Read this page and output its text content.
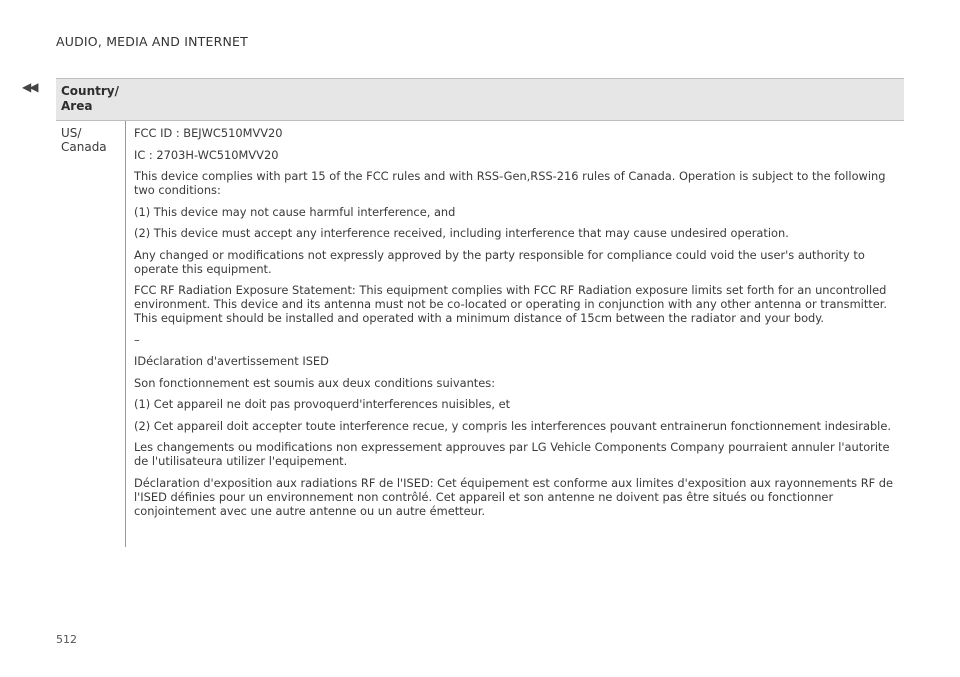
AUDIO, MEDIA AND INTERNET
◀◀ Country/ Area
US/ Canada

FCC ID : BEJWC510MVV20

IC : 2703H-WC510MVV20

This device complies with part 15 of the FCC rules and with RSS-Gen,RSS-216 rules of Canada. Operation is subject to the following two conditions:

(1) This device may not cause harmful interference, and

(2) This device must accept any interference received, including interference that may cause undesired operation.

Any changed or modifications not expressly approved by the party responsible for compliance could void the user's authority to operate this equipment.

FCC RF Radiation Exposure Statement: This equipment complies with FCC RF Radiation exposure limits set forth for an uncontrolled environment. This device and its antenna must not be co-located or operating in conjunction with any other antenna or transmitter. This equipment should be installed and operated with a minimum distance of 15cm between the radiator and your body.

–

IDéclaration d'avertissement ISED

Son fonctionnement est soumis aux deux conditions suivantes:

(1) Cet appareil ne doit pas provoquerd'interferences nuisibles, et

(2) Cet appareil doit accepter toute interference recue, y compris les interferences pouvant entrainerun fonctionnement indesirable.

Les changements ou modifications non expressement approuves par LG Vehicle Components Company pourraient annuler l'autorite de l'utilisateura utilizer l'equipement.

Déclaration d'exposition aux radiations RF de l'ISED: Cet équipement est conforme aux limites d'exposition aux rayonnements RF de l'ISED définies pour un environnement non contrôlé. Cet appareil et son antenne ne doivent pas être situés ou fonctionner conjointement avec une autre antenne ou un autre émetteur.

512
